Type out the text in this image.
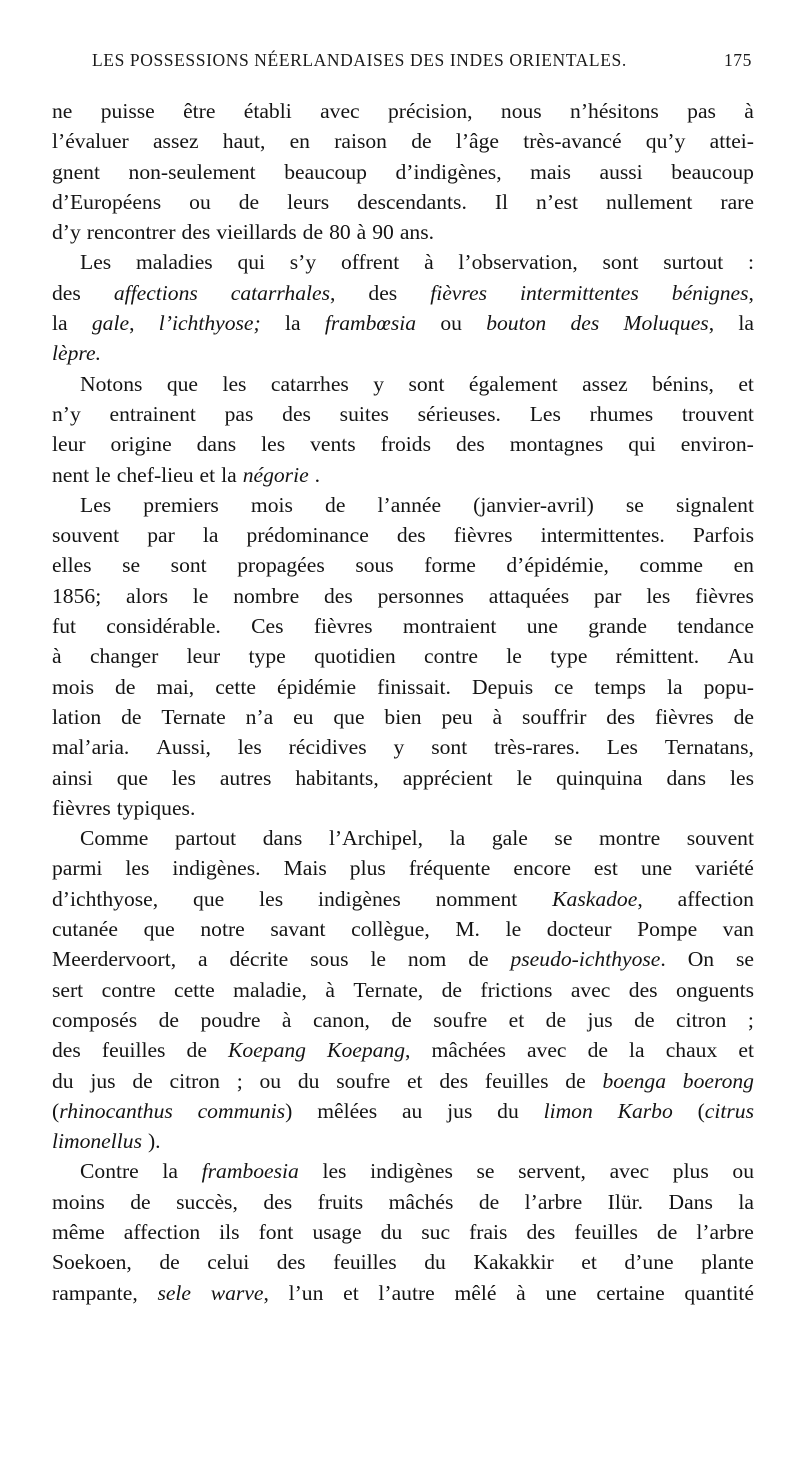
LES POSSESSIONS NÉERLANDAISES DES INDES ORIENTALES.	175
ne puisse être établi avec précision, nous n’hésitons pas à
l’évaluer assez haut, en raison de l’âge très-avancé qu’y attei-
gnent non-seulement beaucoup d’indigènes, mais aussi beaucoup
d’Européens ou de leurs descendants. Il n’est nullement rare
d’y rencontrer des vieillards de 80 à 90 ans.
Les maladies qui s’y offrent à l’observation, sont surtout :
des affections catarrhales, des fièvres intermittentes bénignes,
la gale, l’ichthyose; la frambœsia ou bouton des Moluques, la
lèpre.
Notons que les catarrhes y sont également assez bénins, et
n’y entrainent pas des suites sérieuses. Les rhumes trouvent
leur origine dans les vents froids des montagnes qui environ-
nent le chef-lieu et la négorie .
Les premiers mois de l’année (janvier-avril) se signalent
souvent par la prédominance des fièvres intermittentes. Parfois
elles se sont propagées sous forme d’épidémie, comme en
1856; alors le nombre des personnes attaquées par les fièvres
fut considérable. Ces fièvres montraient une grande tendance
à changer leur type quotidien contre le type rémittent. Au
mois de mai, cette épidémie finissait. Depuis ce temps la popu-
lation de Ternate n’a eu que bien peu à souffrir des fièvres de
mal’aria. Aussi, les récidives y sont très-rares. Les Ternatans,
ainsi que les autres habitants, apprécient le quinquina dans les
fièvres typiques.
Comme partout dans l’Archipel, la gale se montre souvent
parmi les indigènes. Mais plus fréquente encore est une variété
d’ichthyose, que les indigènes nomment Kaskadoe, affection
cutanée que notre savant collègue, M. le docteur Pompe van
Meerdervoort, a décrite sous le nom de pseudo-ichthyose. On se
sert contre cette maladie, à Ternate, de frictions avec des onguents
composés de poudre à canon, de soufre et de jus de citron ;
des feuilles de Koepang Koepang, mâchées avec de la chaux et
du jus de citron ; ou du soufre et des feuilles de boenga boerong
(rhinocanthus communis) mêlées au jus du limon Karbo (citrus
limonellus ).
Contre la framboesia les indigènes se servent, avec plus ou
moins de succès, des fruits mâchés de l’arbre Ilür. Dans la
même affection ils font usage du suc frais des feuilles de l’arbre
Soekoen, de celui des feuilles du Kakakkir et d’une plante
rampante, sele warve, l’un et l’autre mêlé à une certaine quantité
